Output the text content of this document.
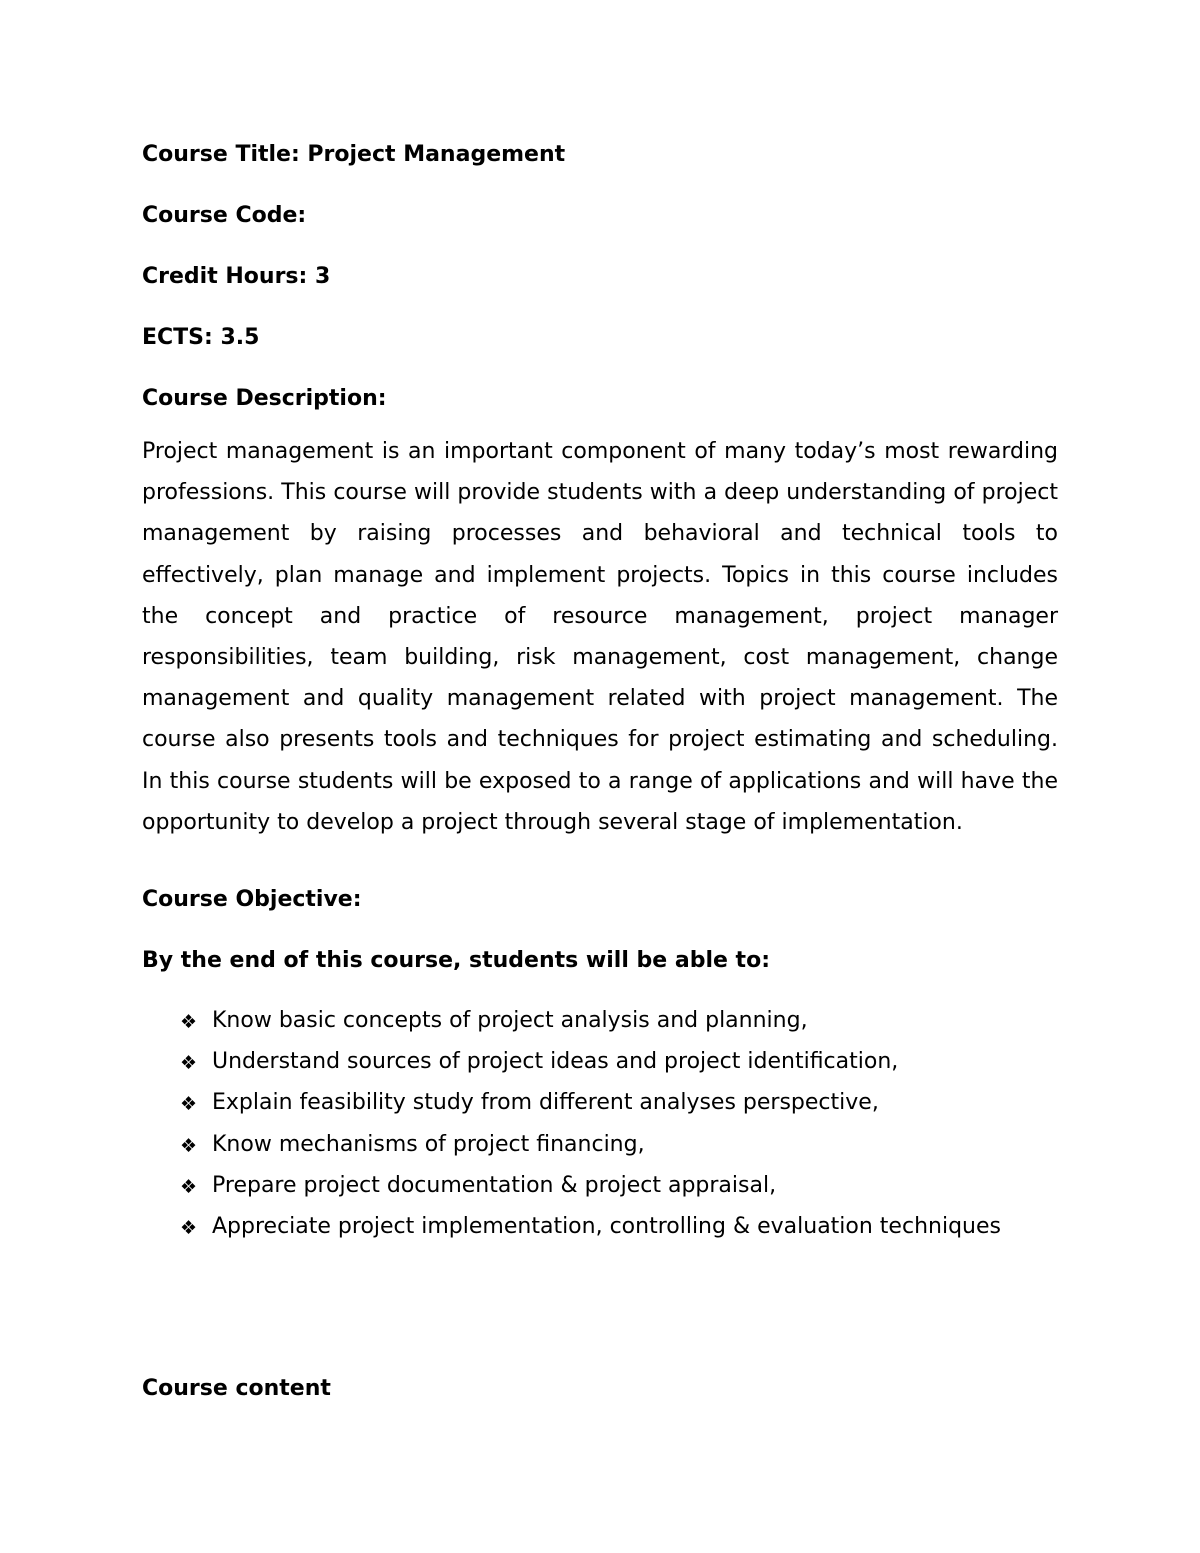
Course Title: Project Management

Course Code:

Credit Hours: 3

ECTS: 3.5

Course Description:

Project management is an important component of many today’s most rewarding professions. This course will provide students with a deep understanding of project management by raising processes and behavioral and technical tools to effectively, plan manage and implement projects. Topics in this course includes the concept and practice of resource management, project manager responsibilities, team building, risk management, cost management, change management and quality management related with project management. The course also presents tools and techniques for project estimating and scheduling. In this course students will be exposed to a range of applications and will have the opportunity to develop a project through several stage of implementation.

Course Objective:

By the end of this course, students will be able to:

❖ Know basic concepts of project analysis and planning,
❖ Understand sources of project ideas and project identification,
❖ Explain feasibility study from different analyses perspective,
❖ Know mechanisms of project financing,
❖ Prepare project documentation & project appraisal,
❖ Appreciate project implementation, controlling & evaluation techniques

Course content
